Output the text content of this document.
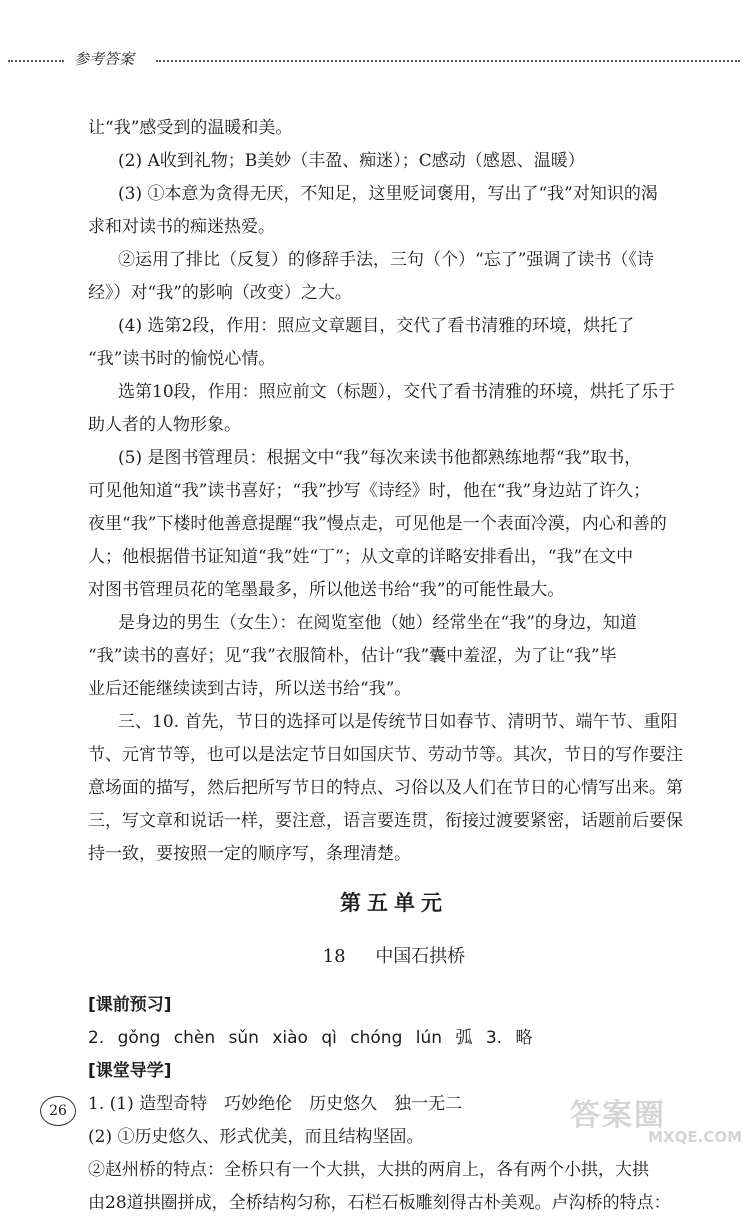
参考答案
让“我”感受到的温暖和美。
(2) A收到礼物；B美妙（丰盈、痴迷）；C感动（感恩、温暖）
(3) ①本意为贪得无厌，不知足，这里贬词褒用，写出了“我”对知识的渴
求和对读书的痴迷热爱。
②运用了排比（反复）的修辞手法，三句（个）“忘了”强调了读书（《诗
经》）对“我”的影响（改变）之大。
(4) 选第2段，作用：照应文章题目，交代了看书清雅的环境，烘托了
“我”读书时的愉悦心情。
选第10段，作用：照应前文（标题），交代了看书清雅的环境，烘托了乐于
助人者的人物形象。
(5) 是图书管理员：根据文中“我”每次来读书他都熟练地帮“我”取书，
可见他知道“我”读书喜好；“我”抄写《诗经》时，他在“我”身边站了许久；
夜里“我”下楼时他善意提醒“我”慢点走，可见他是一个表面冷漠，内心和善的
人；他根据借书证知道“我”姓“丁”；从文章的详略安排看出，“我”在文中
对图书管理员花的笔墨最多，所以他送书给“我”的可能性最大。
是身边的男生（女生）：在阅览室他（她）经常坐在“我”的身边，知道
“我”读书的喜好；见“我”衣服简朴，估计“我”囊中羞涩，为了让“我”毕
业后还能继续读到古诗，所以送书给“我”。
三、10. 首先，节日的选择可以是传统节日如春节、清明节、端午节、重阳
节、元宵节等，也可以是法定节日如国庆节、劳动节等。其次，节日的写作要注
意场面的描写，然后把所写节日的特点、习俗以及人们在节日的心情写出来。第
三，写文章和说话一样，要注意，语言要连贯，衔接过渡要紧密，话题前后要保
持一致，要按照一定的顺序写，条理清楚。
第五单元
18 中国石拱桥
[课前预习]
2. gǒng chèn sǔn xiào qì chóng lún 弧 3. 略
[课堂导学]
1. (1) 造型奇特　巧妙绝伦　历史悠久　独一无二
(2) ①历史悠久、形式优美，而且结构坚固。
②赵州桥的特点：全桥只有一个大拱，大拱的两肩上，各有两个小拱，大拱
由28道拱圈拼成，全桥结构匀称，石栏石板雕刻得古朴美观。卢沟桥的特点：
26	答案圈
MXQE.COM
